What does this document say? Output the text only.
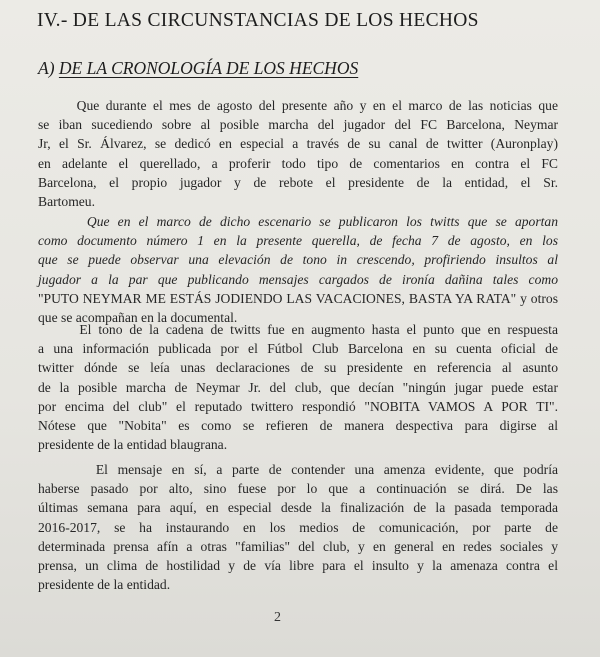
IV.- DE LAS CIRCUNSTANCIAS DE LOS HECHOS
A) DE LA CRONOLOGÍA DE LOS HECHOS
Que durante el mes de agosto del presente año y en el marco de las noticias que
se iban sucediendo sobre al posible marcha del jugador del FC Barcelona, Neymar
Jr, el Sr. Álvarez, se dedicó en especial a través de su canal de twitter (Auronplay)
en adelante el querellado, a proferir todo tipo de comentarios en contra el FC
Barcelona, el propio jugador y de rebote el presidente de la entidad, el Sr.
Bartomeu.
Que en el marco de dicho escenario se publicaron los twitts que se aportan
como documento número 1 en la presente querella, de fecha 7 de agosto, en los
que se puede observar una elevación de tono in crescendo, profiriendo insultos al
jugador a la par que publicando mensajes cargados de ironía dañina tales como
"PUTO NEYMAR ME ESTÁS JODIENDO LAS VACACIONES, BASTA YA RATA" y otros
que se acompañan en la documental.
El tono de la cadena de twitts fue en augmento hasta el punto que en respuesta
a una información publicada por el Fútbol Club Barcelona en su cuenta oficial de
twitter dónde se leía unas declaraciones de su presidente en referencia al asunto
de la posible marcha de Neymar Jr. del club, que decían "ningún jugar puede estar
por encima del club" el reputado twittero respondió "NOBITA VAMOS A POR TI".
Nótese que "Nobita" es como se refieren de manera despectiva para digirse al
presidente de la entidad blaugrana.
El mensaje en sí, a parte de contender una amenza evidente, que podría
haberse pasado por alto, sino fuese por lo que a continuación se dirá. De las
últimas semana para aquí, en especial desde la finalización de la pasada temporada
2016-2017, se ha instaurando en los medios de comunicación, por parte de
determinada prensa afín a otras "familias" del club, y en general en redes sociales y
prensa, un clima de hostilidad y de vía libre para el insulto y la amenaza contra el
presidente de la entidad.
2
